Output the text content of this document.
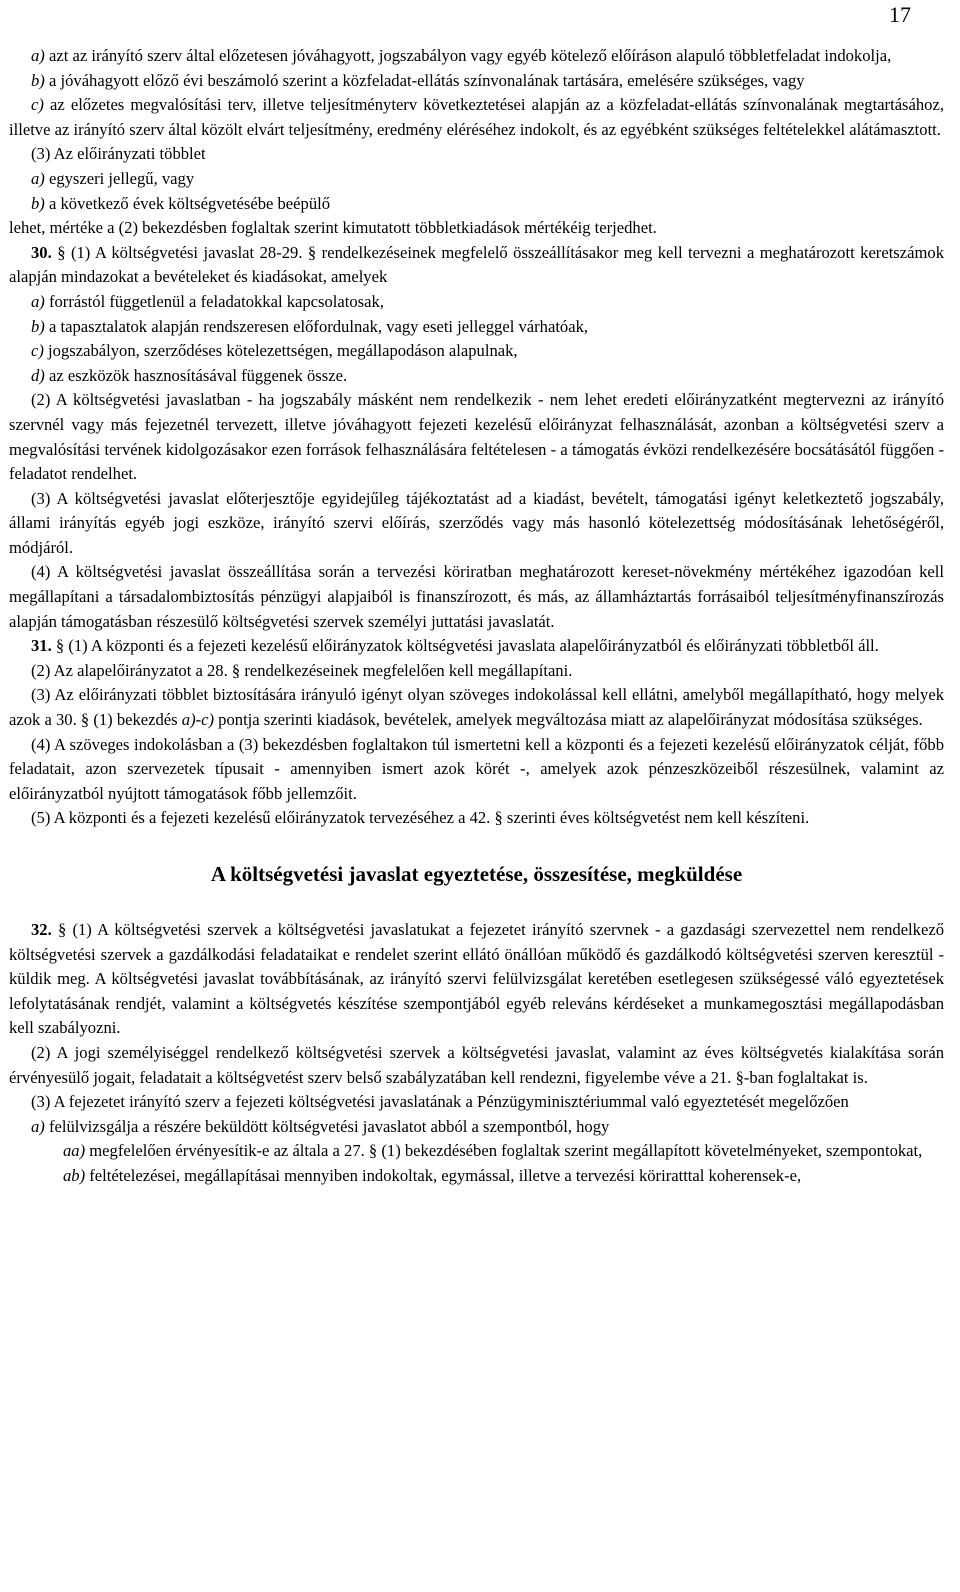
17

a) azt az irányító szerv által előzetesen jóváhagyott, jogszabályon vagy egyéb kötelező előíráson alapuló többletfeladat indokolja,

b) a jóváhagyott előző évi beszámoló szerint a közfeladat-ellátás színvonalának tartására, emelésére szükséges, vagy

c) az előzetes megvalósítási terv, illetve teljesítményterv következtetései alapján az a közfeladat-ellátás színvonalának megtartásához, illetve az irányító szerv által közölt elvárt teljesítmény, eredmény eléréséhez indokolt, és az egyébként szükséges feltételekkel alátámasztott.

(3) Az előirányzati többlet

a) egyszeri jellegű, vagy

b) a következő évek költségvetésébe beépülő

lehet, mértéke a (2) bekezdésben foglaltak szerint kimutatott többletkiadások mértékéig terjedhet.

30. § (1) A költségvetési javaslat 28-29. § rendelkezéseinek megfelelő összeállításakor meg kell tervezni a meghatározott keretszámok alapján mindazokat a bevételeket és kiadásokat, amelyek

a) forrástól függetlenül a feladatokkal kapcsolatosak,

b) a tapasztalatok alapján rendszeresen előfordulnak, vagy eseti jelleggel várhatóak,

c) jogszabályon, szerződéses kötelezettségen, megállapodáson alapulnak,

d) az eszközök hasznosításával függenek össze.

(2) A költségvetési javaslatban - ha jogszabály másként nem rendelkezik - nem lehet eredeti előirányzatként megtervezni az irányító szervnél vagy más fejezetnél tervezett, illetve jóváhagyott fejezeti kezelésű előirányzat felhasználását, azonban a költségvetési szerv a megvalósítási tervének kidolgozásakor ezen források felhasználására feltételesen - a támogatás évközi rendelkezésére bocsátásától függően - feladatot rendelhet.

(3) A költségvetési javaslat előterjesztője egyidejűleg tájékoztatást ad a kiadást, bevételt, támogatási igényt keletkeztető jogszabály, állami irányítás egyéb jogi eszköze, irányító szervi előírás, szerződés vagy más hasonló kötelezettség módosításának lehetőségéről, módjáról.

(4) A költségvetési javaslat összeállítása során a tervezési köriratban meghatározott kereset-növekmény mértékéhez igazodóan kell megállapítani a társadalombiztosítás pénzügyi alapjaiból is finanszírozott, és más, az államháztartás forrásaiból teljesítményfinanszírozás alapján támogatásban részesülő költségvetési szervek személyi juttatási javaslatát.

31. § (1) A központi és a fejezeti kezelésű előirányzatok költségvetési javaslata alapelőirányzatból és előirányzati többletből áll.

(2) Az alapelőirányzatot a 28. § rendelkezéseinek megfelelően kell megállapítani.

(3) Az előirányzati többlet biztosítására irányuló igényt olyan szöveges indokolással kell ellátni, amelyből megállapítható, hogy melyek azok a 30. § (1) bekezdés a)-c) pontja szerinti kiadások, bevételek, amelyek megváltozása miatt az alapelőirányzat módosítása szükséges.

(4) A szöveges indokolásban a (3) bekezdésben foglaltakon túl ismertetni kell a központi és a fejezeti kezelésű előirányzatok célját, főbb feladatait, azon szervezetek típusait - amennyiben ismert azok körét -, amelyek azok pénzeszközeiből részesülnek, valamint az előirányzatból nyújtott támogatások főbb jellemzőit.

(5) A központi és a fejezeti kezelésű előirányzatok tervezéséhez a 42. § szerinti éves költségvetést nem kell készíteni.

A költségvetési javaslat egyeztetése, összesítése, megküldése

32. § (1) A költségvetési szervek a költségvetési javaslatukat a fejezetet irányító szervnek - a gazdasági szervezettel nem rendelkező költségvetési szervek a gazdálkodási feladataikat e rendelet szerint ellátó önállóan működő és gazdálkodó költségvetési szerven keresztül - küldik meg. A költségvetési javaslat továbbításának, az irányító szervi felülvizsgálat keretében esetlegesen szükségessé váló egyeztetések lefolytatásának rendjét, valamint a költségvetés készítése szempontjából egyéb releváns kérdéseket a munkamegosztási megállapodásban kell szabályozni.

(2) A jogi személyiséggel rendelkező költségvetési szervek a költségvetési javaslat, valamint az éves költségvetés kialakítása során érvényesülő jogait, feladatait a költségvetést szerv belső szabályzatában kell rendezni, figyelembe véve a 21. §-ban foglaltakat is.

(3) A fejezetet irányító szerv a fejezeti költségvetési javaslatának a Pénzügyminisztériummal való egyeztetését megelőzően

a) felülvizsgálja a részére beküldött költségvetési javaslatot abból a szempontból, hogy

aa) megfelelően érvényesítik-e az általa a 27. § (1) bekezdésében foglaltak szerint megállapított követelményeket, szempontokat,

ab) feltételezései, megállapításai mennyiben indokoltak, egymással, illetve a tervezési köriratttal koherensek-e,
